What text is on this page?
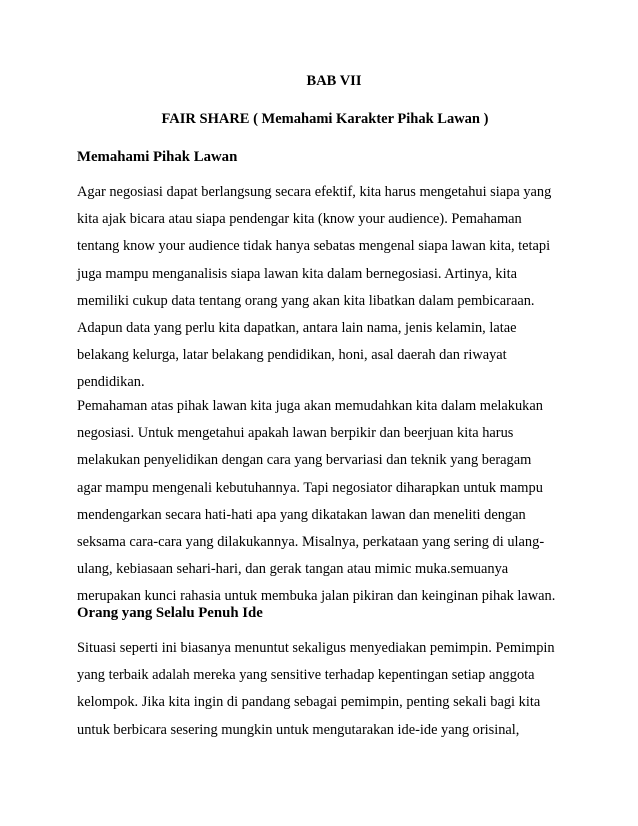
BAB VII
FAIR SHARE ( Memahami Karakter Pihak Lawan )
Memahami Pihak Lawan
Agar negosiasi dapat berlangsung secara efektif, kita harus mengetahui siapa yang
kita ajak bicara atau siapa pendengar kita (know your audience). Pemahaman
tentang know your audience tidak hanya sebatas mengenal siapa lawan kita, tetapi
juga mampu menganalisis siapa lawan kita dalam bernegosiasi. Artinya, kita
memiliki cukup data tentang orang yang akan kita libatkan dalam pembicaraan.
Adapun data yang perlu kita dapatkan, antara lain nama, jenis kelamin, latae
belakang kelurga, latar belakang pendidikan, honi, asal daerah dan riwayat
pendidikan.
Pemahaman atas pihak lawan kita juga akan memudahkan kita dalam melakukan
negosiasi. Untuk mengetahui apakah lawan berpikir dan beerjuan kita harus
melakukan penyelidikan dengan cara yang bervariasi dan teknik yang beragam
agar mampu mengenali kebutuhannya. Tapi negosiator diharapkan untuk mampu
mendengarkan secara hati-hati apa yang dikatakan lawan dan meneliti dengan
seksama cara-cara yang dilakukannya. Misalnya, perkataan yang sering di ulang-
ulang, kebiasaan sehari-hari, dan gerak tangan atau mimic muka.semuanya
merupakan kunci rahasia untuk membuka jalan pikiran dan keinginan pihak lawan.
Orang yang Selalu Penuh Ide
Situasi seperti ini biasanya menuntut sekaligus menyediakan pemimpin. Pemimpin
yang terbaik adalah mereka yang sensitive terhadap kepentingan setiap anggota
kelompok. Jika kita ingin di pandang sebagai pemimpin, penting sekali bagi kita
untuk berbicara sesering mungkin untuk mengutarakan ide-ide yang orisinal,
